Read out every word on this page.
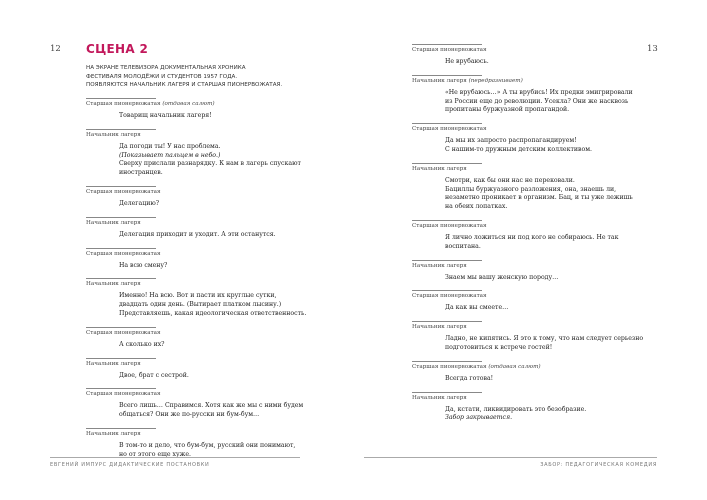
12 СЦЕНА 2
НА ЭКРАНЕ ТЕЛЕВИЗОРА ДОКУМЕНТАЛЬНАЯ ХРОНИКА
ФЕСТИВАЛЯ МОЛОДЁЖИ И СТУДЕНТОВ 1957 ГОДА.
ПОЯВЛЯЮТСЯ НАЧАЛЬНИК ЛАГЕРЯ И СТАРШАЯ ПИОНЕРВОЖАТАЯ.
Старшая пионервожатая (отдавая салют)
Товарищ начальник лагеря!
Начальник лагеря
Да погоди ты! У нас проблема.
(Показывает пальцем в небо.)
Сверху прислали разнарядку. К нам в лагерь спускают
иностранцев.
Старшая пионервожатая
Делегацию?
Начальник лагеря
Делегация приходит и уходит. А эти останутся.
Старшая пионервожатая
На всю смену?
Начальник лагеря
Именно! На всю. Вот и пасти их круглые сутки,
двадцать один день. (Вытирает платком лысину.)
Представляешь, какая идеологическая ответственность.
Старшая пионервожатая
А сколько их?
Начальник лагеря
Двое, брат с сестрой.
Старшая пионервожатая
Всего лишь… Справимся. Хотя как же мы с ними будем
общаться? Они же по-русски ни бум-бум…
Начальник лагеря
В том-то и дело, что бум-бум, русский они понимают,
но от этого еще хуже.
ЕВГЕНИЙ ИМПУРС ДИДАКТИЧЕСКИЕ ПОСТАНОВКИ
13
Старшая пионервожатая
Не врубаюсь.
Начальник лагеря (передразнивает)
«Не врубаюсь…» А ты врубись! Их предки эмигрировали
из России еще до революции. Усекла? Они же насквозь
пропитаны буржуазной пропагандой.
Старшая пионервожатая
Да мы их запросто распропагандируем!
С нашим-то дружным детским коллективом.
Начальник лагеря
Смотри, как бы они нас не перековали.
Бациллы буржуазного разложения, она, знаешь ли,
незаметно проникает в организм. Бац, и ты уже лежишь
на обеих лопатках.
Старшая пионервожатая
Я лично ложиться ни под кого не собираюсь. Не так
воспитана.
Начальник лагеря
Знаем мы вашу женскую породу…
Старшая пионервожатая
Да как вы смеете…
Начальник лагеря
Ладно, не кипятись. Я это к тому, что нам следует серьезно
подготовиться к встрече гостей!
Старшая пионервожатая (отдавая салют)
Всегда готова!
Начальник лагеря
Да, кстати, ликвидировать это безобразие.
Забор закрывается.
ЗАБОР: ПЕДАГОГИЧЕСКАЯ КОМЕДИЯ
